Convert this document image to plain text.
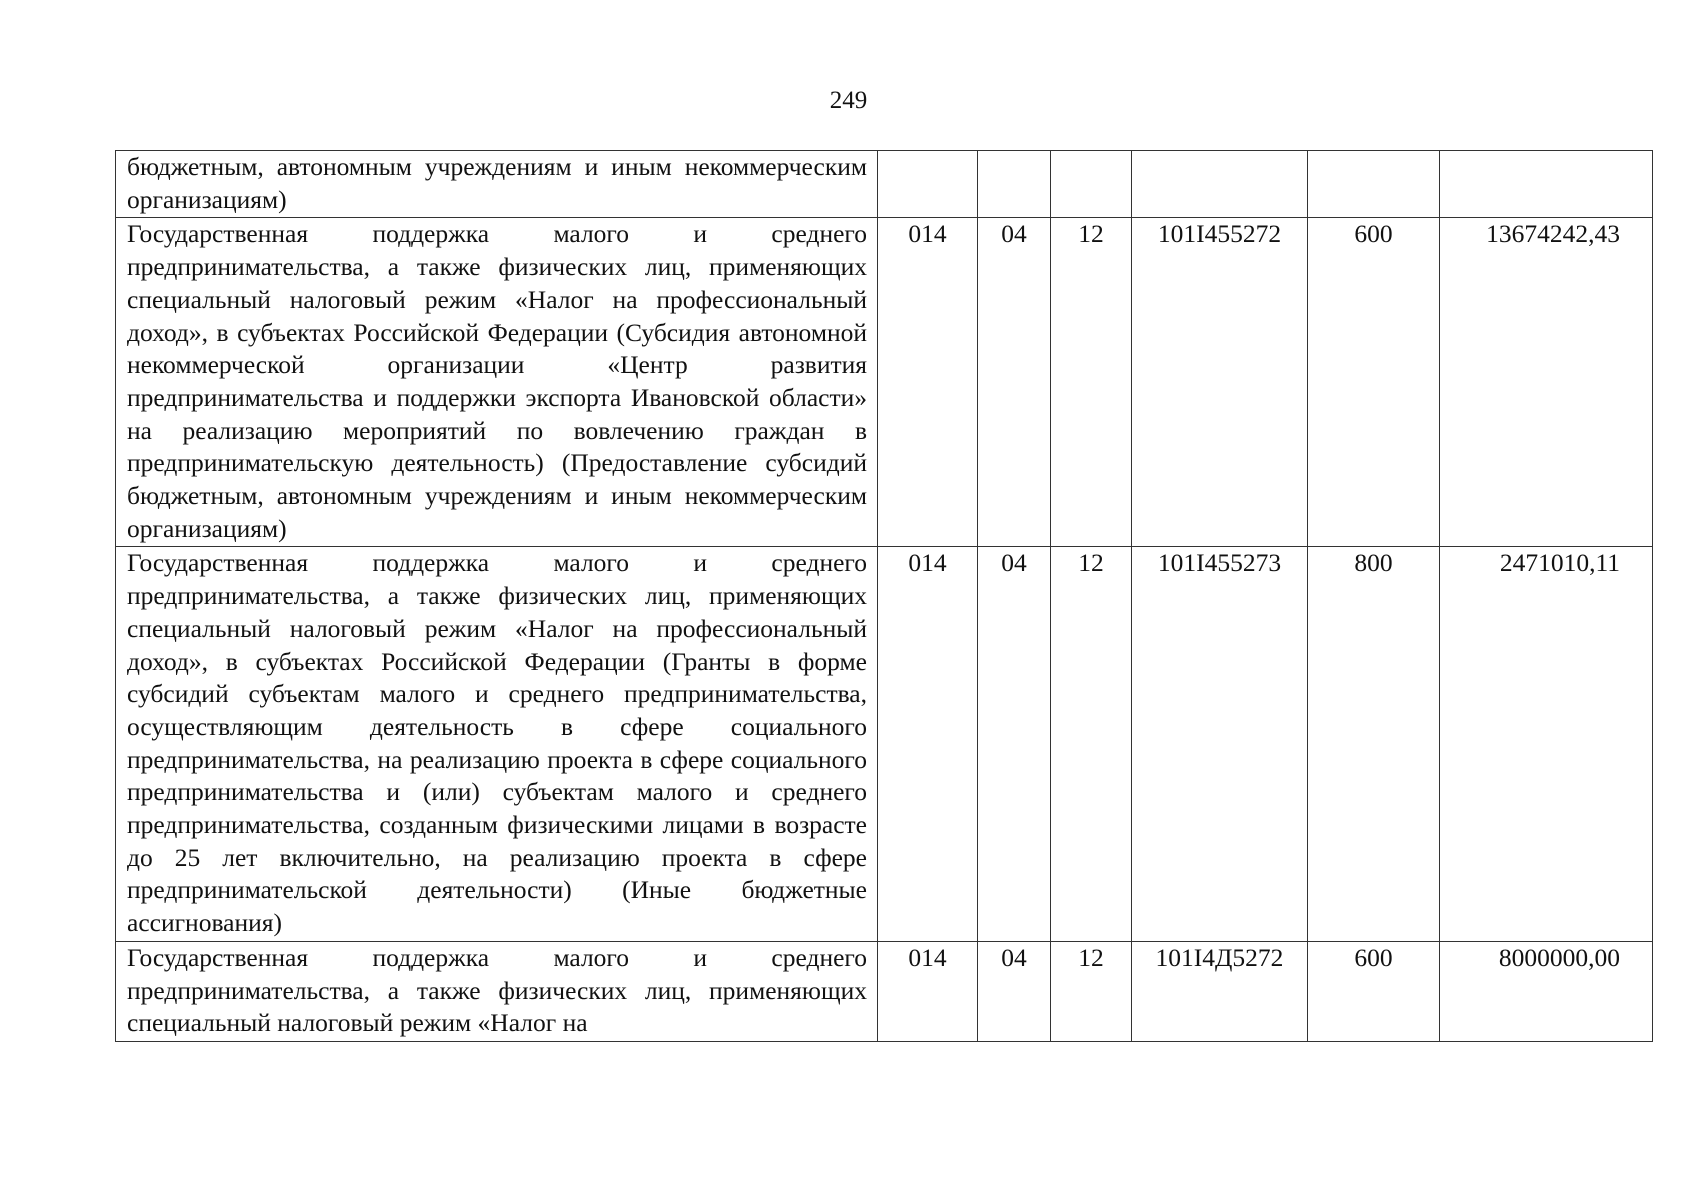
249
бюджетным, автономным учреждениям и иным некоммерческим организациям)						
Государственная поддержка малого и среднего предпринимательства, а также физических лиц, применяющих специальный налоговый режим «Налог на профессиональный доход», в субъектах Российской Федерации (Субсидия автономной некоммерческой организации «Центр развития предпринимательства и поддержки экспорта Ивановской области» на реализацию мероприятий по вовлечению граждан в предпринимательскую деятельность) (Предоставление субсидий бюджетным, автономным учреждениям и иным некоммерческим организациям)	014	04	12	101I455272	600	13674242,43
Государственная поддержка малого и среднего предпринимательства, а также физических лиц, применяющих специальный налоговый режим «Налог на профессиональный доход», в субъектах Российской Федерации (Гранты в форме субсидий субъектам малого и среднего предпринимательства, осуществляющим деятельность в сфере социального предпринимательства, на реализацию проекта в сфере социального предпринимательства и (или) субъектам малого и среднего предпринимательства, созданным физическими лицами в возрасте до 25 лет включительно, на реализацию проекта в сфере предпринимательской деятельности) (Иные бюджетные ассигнования)	014	04	12	101I455273	800	2471010,11
Государственная поддержка малого и среднего предпринимательства, а также физических лиц, применяющих специальный налоговый режим «Налог на	014	04	12	101I4Д5272	600	8000000,00
